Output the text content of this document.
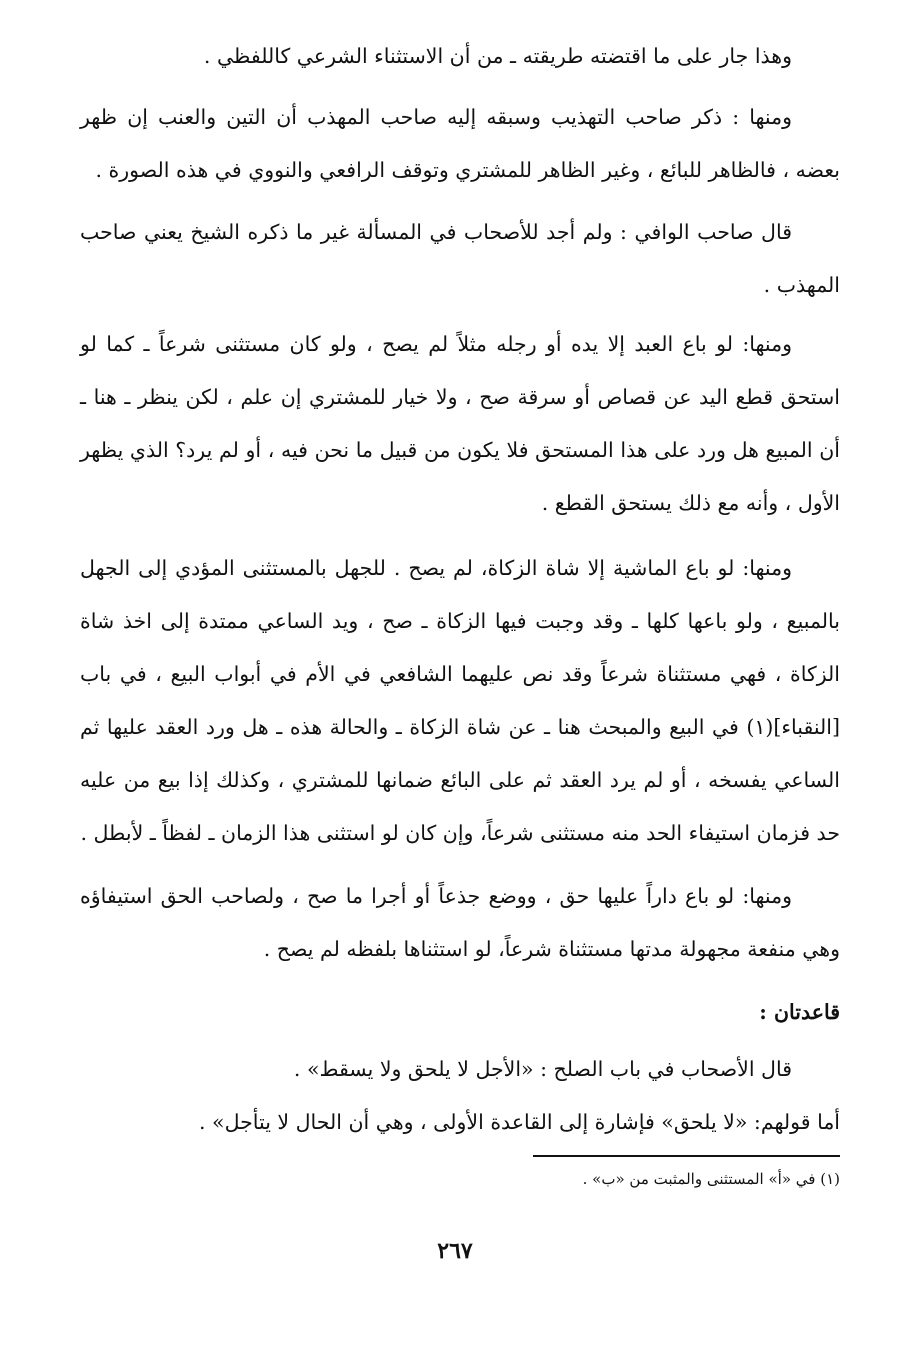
وهذا جار على ما اقتضته طريقته ـ من أن الاستثناء الشرعي كاللفظي .

ومنها : ذكر صاحب التهذيب وسبقه إليه صاحب المهذب أن التين والعنب إن ظهر بعضه ، فالظاهر للبائع ، وغير الظاهر للمشتري وتوقف الرافعي والنووي في هذه الصورة .

قال صاحب الوافي : ولم أجد للأصحاب في المسألة غير ما ذكره الشيخ يعني صاحب المهذب .

ومنها: لو باع العبد إلا يده أو رجله مثلاً لم يصح ، ولو كان مستثنى شرعاً ـ كما لو استحق قطع اليد عن قصاص أو سرقة صح ، ولا خيار للمشتري إن علم ، لكن ينظر ـ هنا ـ أن المبيع هل ورد على هذا المستحق فلا يكون من قبيل ما نحن فيه ، أو لم يرد؟ الذي يظهر الأول ، وأنه مع ذلك يستحق القطع .

ومنها: لو باع الماشية إلا شاة الزكاة، لم يصح . للجهل بالمستثنى المؤدي إلى الجهل بالمبيع ، ولو باعها كلها ـ وقد وجبت فيها الزكاة ـ صح ، ويد الساعي ممتدة إلى اخذ شاة الزكاة ، فهي مستثناة شرعاً وقد نص عليهما الشافعي في الأم في أبواب البيع ، في باب [النقباء](١) في البيع والمبحث هنا ـ عن شاة الزكاة ـ والحالة هذه ـ هل ورد العقد عليها ثم الساعي يفسخه ، أو لم يرد العقد ثم على البائع ضمانها للمشتري ، وكذلك إذا بيع من عليه حد فزمان استيفاء الحد منه مستثنى شرعاً، وإن كان لو استثنى هذا الزمان ـ لفظاً ـ لأبطل .

ومنها: لو باع داراً عليها حق ، ووضع جذعاً أو أجرا ما صح ، ولصاحب الحق استيفاؤه وهي منفعة مجهولة مدتها مستثناة شرعاً، لو استثناها بلفظه لم يصح .

قاعدتان :

قال الأصحاب في باب الصلح : «الأجل لا يلحق ولا يسقط» .

أما قولهم: «لا يلحق» فإشارة إلى القاعدة الأولى ، وهي أن الحال لا يتأجل» .

(١) في «أ» المستثنى والمثبت من «ب» .
٢٦٧
